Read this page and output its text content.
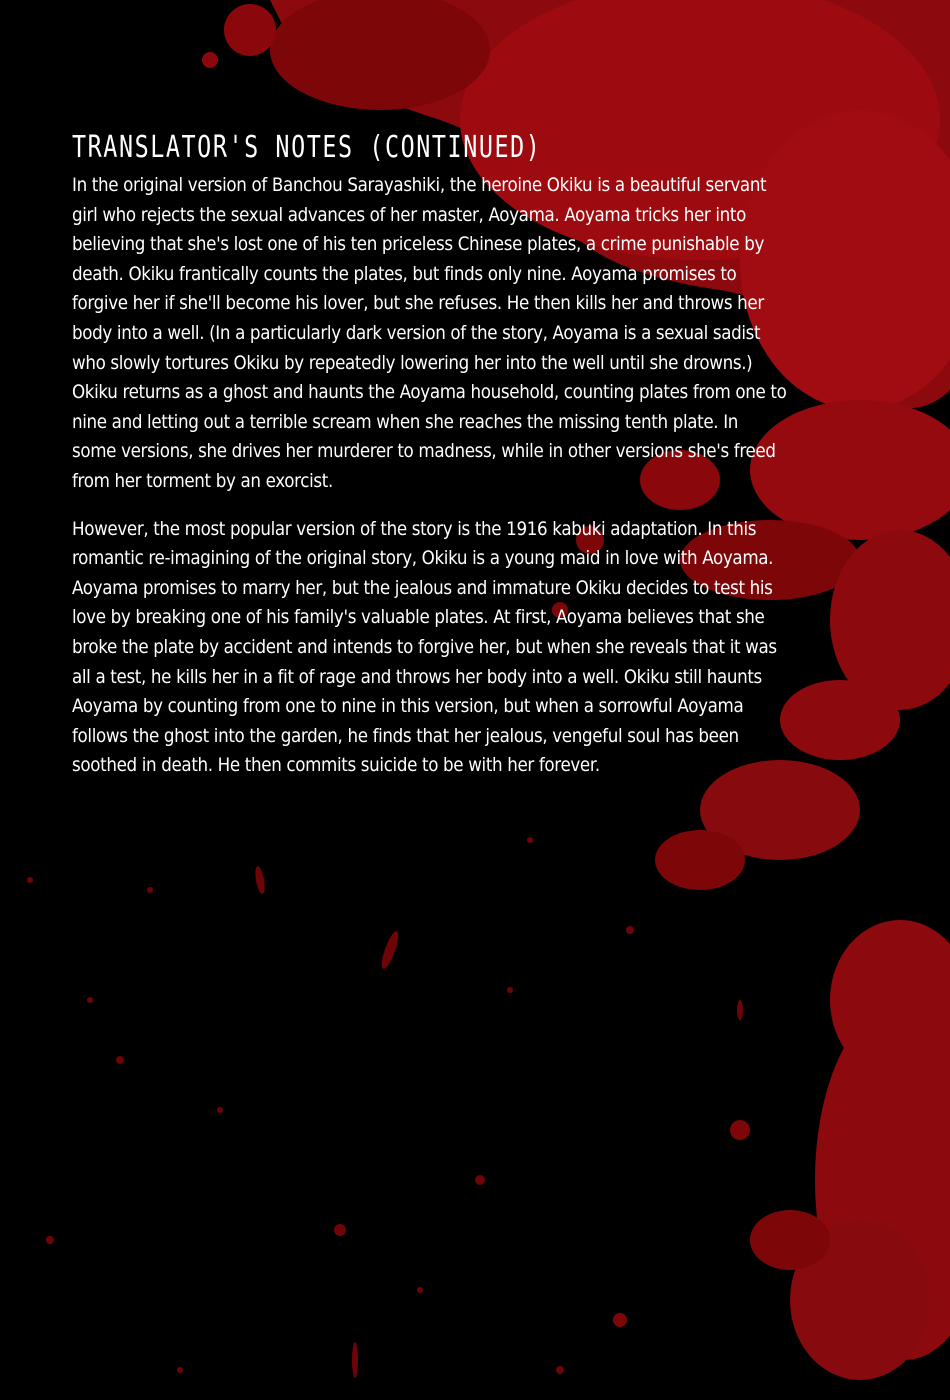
TRANSLATOR'S NOTES (CONTINUED)
In the original version of Banchou Sarayashiki, the heroine Okiku is a beautiful servant
girl who rejects the sexual advances of her master, Aoyama. Aoyama tricks her into
believing that she's lost one of his ten priceless Chinese plates, a crime punishable by
death. Okiku frantically counts the plates, but finds only nine. Aoyama promises to
forgive her if she'll become his lover, but she refuses. He then kills her and throws her
body into a well. (In a particularly dark version of the story, Aoyama is a sexual sadist
who slowly tortures Okiku by repeatedly lowering her into the well until she drowns.)
Okiku returns as a ghost and haunts the Aoyama household, counting plates from one to
nine and letting out a terrible scream when she reaches the missing tenth plate. In
some versions, she drives her murderer to madness, while in other versions she's freed
from her torment by an exorcist.
However, the most popular version of the story is the 1916 kabuki adaptation. In this
romantic re-imagining of the original story, Okiku is a young maid in love with Aoyama.
Aoyama promises to marry her, but the jealous and immature Okiku decides to test his
love by breaking one of his family's valuable plates. At first, Aoyama believes that she
broke the plate by accident and intends to forgive her, but when she reveals that it was
all a test, he kills her in a fit of rage and throws her body into a well. Okiku still haunts
Aoyama by counting from one to nine in this version, but when a sorrowful Aoyama
follows the ghost into the garden, he finds that her jealous, vengeful soul has been
soothed in death. He then commits suicide to be with her forever.
